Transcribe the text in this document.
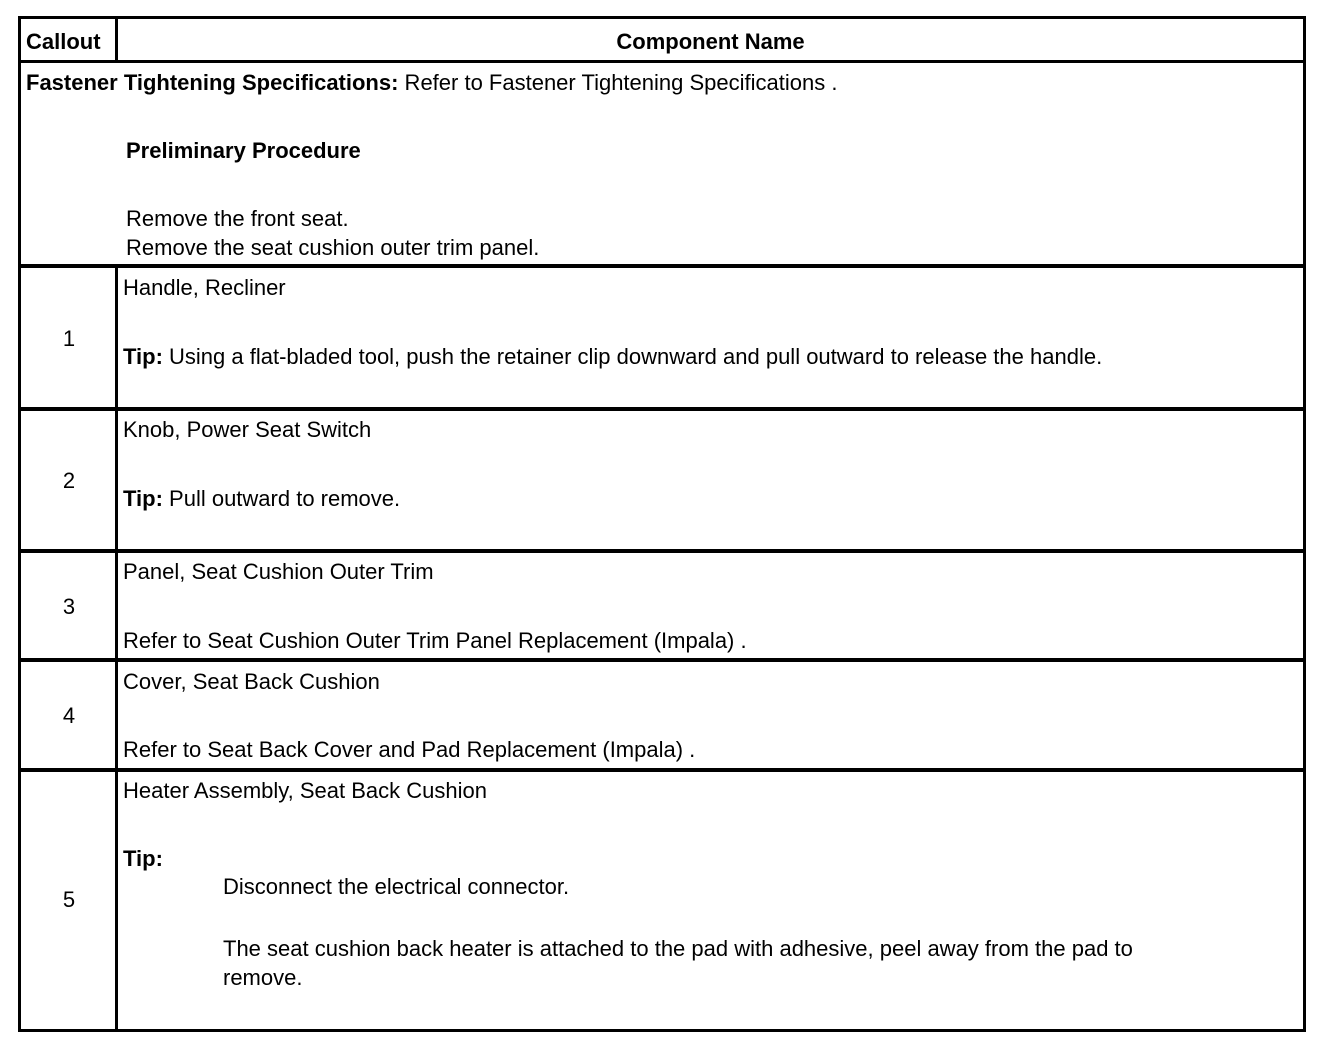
Callout	Component Name
Fastener Tightening Specifications: Refer to Fastener Tightening Specifications .
Preliminary Procedure
Remove the front seat.
Remove the seat cushion outer trim panel.
1
Handle, Recliner
Tip: Using a flat-bladed tool, push the retainer clip downward and pull outward to release the handle.
2
Knob, Power Seat Switch
Tip: Pull outward to remove.
3
Panel, Seat Cushion Outer Trim
Refer to Seat Cushion Outer Trim Panel Replacement (Impala) .
4
Cover, Seat Back Cushion
Refer to Seat Back Cover and Pad Replacement (Impala) .
5
Heater Assembly, Seat Back Cushion
Tip:
Disconnect the electrical connector.
The seat cushion back heater is attached to the pad with adhesive, peel away from the pad to
remove.
